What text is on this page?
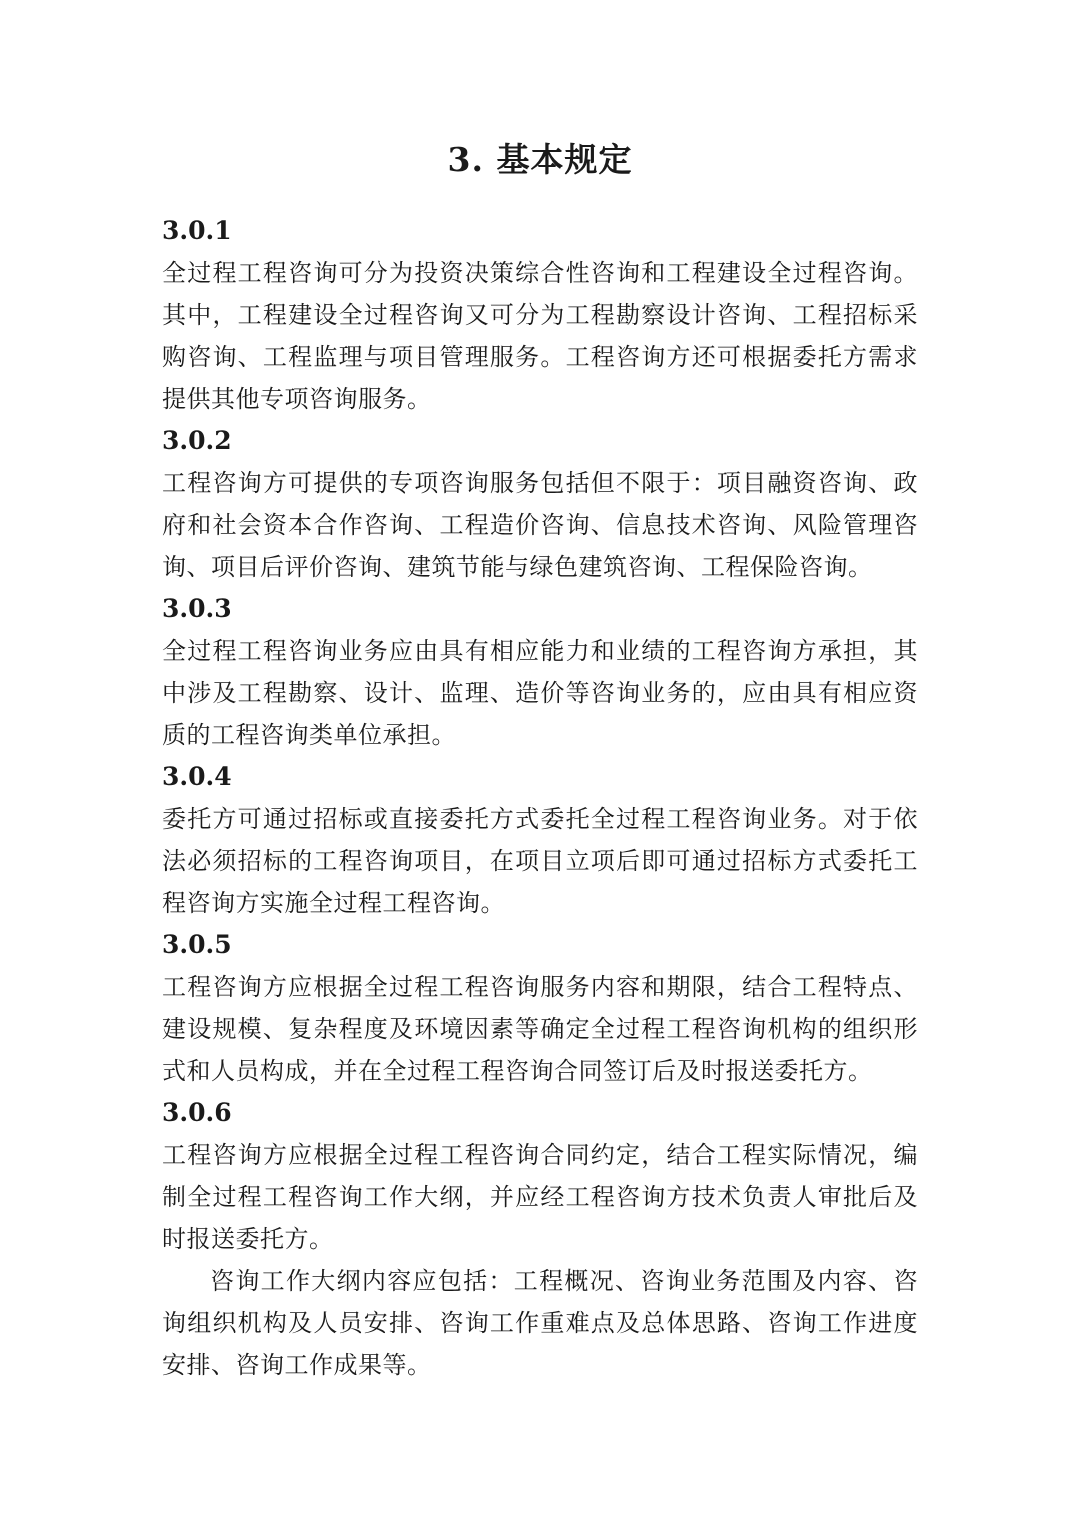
3. 基本规定
3.0.1

全过程工程咨询可分为投资决策综合性咨询和工程建设全过程咨询。其中，工程建设全过程咨询又可分为工程勘察设计咨询、工程招标采购咨询、工程监理与项目管理服务。工程咨询方还可根据委托方需求提供其他专项咨询服务。

3.0.2

工程咨询方可提供的专项咨询服务包括但不限于：项目融资咨询、政府和社会资本合作咨询、工程造价咨询、信息技术咨询、风险管理咨询、项目后评价咨询、建筑节能与绿色建筑咨询、工程保险咨询。

3.0.3

全过程工程咨询业务应由具有相应能力和业绩的工程咨询方承担，其中涉及工程勘察、设计、监理、造价等咨询业务的，应由具有相应资质的工程咨询类单位承担。

3.0.4

委托方可通过招标或直接委托方式委托全过程工程咨询业务。对于依法必须招标的工程咨询项目，在项目立项后即可通过招标方式委托工程咨询方实施全过程工程咨询。

3.0.5

工程咨询方应根据全过程工程咨询服务内容和期限，结合工程特点、建设规模、复杂程度及环境因素等确定全过程工程咨询机构的组织形式和人员构成，并在全过程工程咨询合同签订后及时报送委托方。

3.0.6

工程咨询方应根据全过程工程咨询合同约定，结合工程实际情况，编制全过程工程咨询工作大纲，并应经工程咨询方技术负责人审批后及时报送委托方。

咨询工作大纲内容应包括：工程概况、咨询业务范围及内容、咨询组织机构及人员安排、咨询工作重难点及总体思路、咨询工作进度安排、咨询工作成果等。
